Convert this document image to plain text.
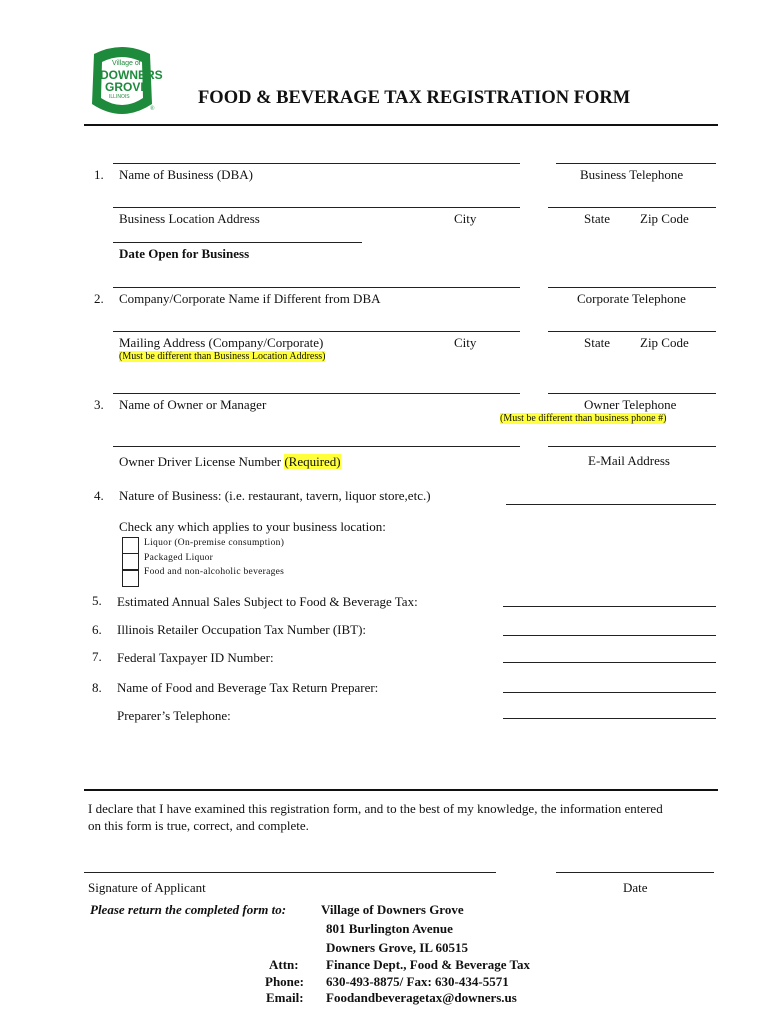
Village of
DOWNERS
GROVE
ILLINOIS
®
FOOD & BEVERAGE TAX REGISTRATION FORM
1. Name of Business (DBA)	Business Telephone
Business Location Address	City	State Zip Code
Date Open for Business
2. Company/Corporate Name if Different from DBA	Corporate Telephone
Mailing Address (Company/Corporate)
(Must be different than Business Location Address)
City	State Zip Code
3. Name of Owner or Manager	Owner Telephone
(Must be different than business phone #)
Owner Driver License Number (Required)	E-Mail Address
4. Nature of Business: (i.e. restaurant, tavern, liquor store,etc.)
Check any which applies to your business location:
Liquor (On-premise consumption)
Packaged Liquor
Food and non-alcoholic beverages
5. Estimated Annual Sales Subject to Food & Beverage Tax:
6. Illinois Retailer Occupation Tax Number (IBT):
7. Federal Taxpayer ID Number:
8. Name of Food and Beverage Tax Return Preparer:
Preparer’s Telephone:
I declare that I have examined this registration form, and to the best of my knowledge, the information entered
on this form is true, correct, and complete.
Signature of Applicant	Date
Please return the completed form to:	Village of Downers Grove
801 Burlington Avenue
Downers Grove, IL 60515
Attn: Finance Dept., Food & Beverage Tax
Phone: 630-493-8875/ Fax: 630-434-5571
Email: Foodandbeveragetax@downers.us
